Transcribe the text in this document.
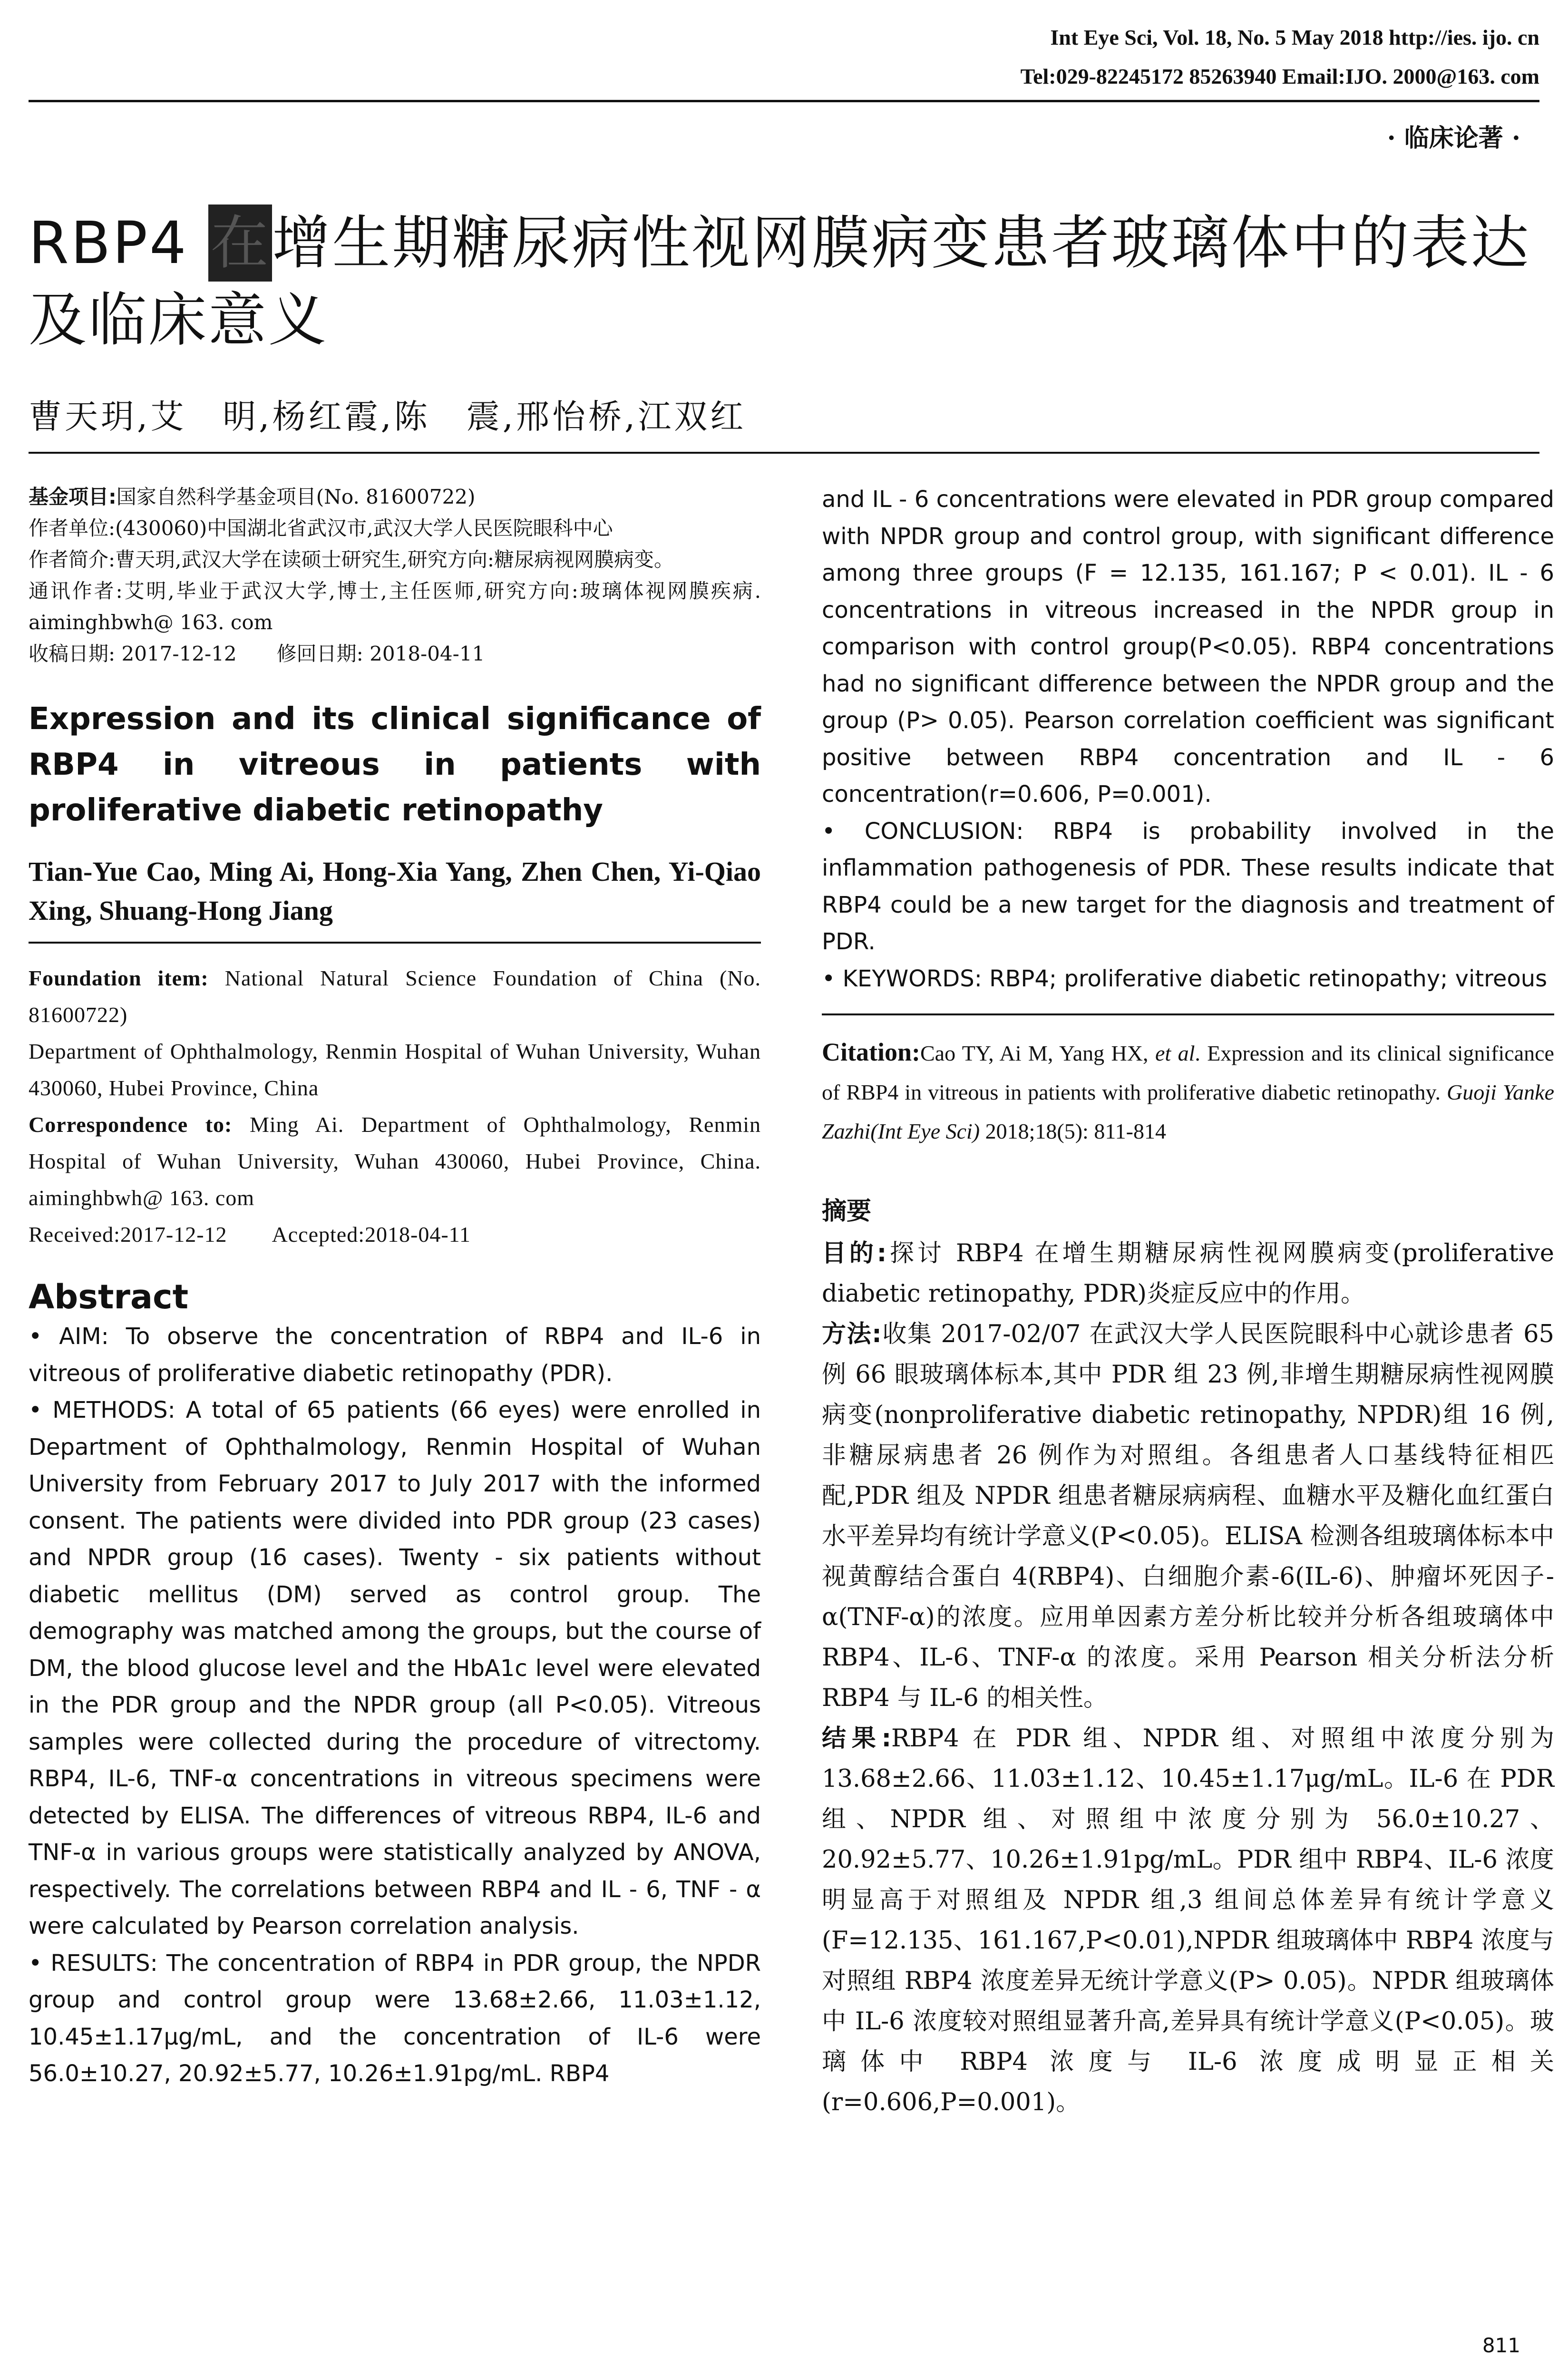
Int Eye Sci, Vol. 18, No. 5 May 2018 http://ies. ijo. cn
Tel:029-82245172 85263940 Email:IJO. 2000@163. com
· 临床论著 ·
RBP4 在增生期糖尿病性视网膜病变患者玻璃体中的表达及临床意义
曹天玥,艾　明,杨红霞,陈　震,邢怡桥,江双红
基金项目:国家自然科学基金项目(No. 81600722)
作者单位:(430060)中国湖北省武汉市,武汉大学人民医院眼科中心
作者简介:曹天玥,武汉大学在读硕士研究生,研究方向:糖尿病视网膜病变。
通讯作者:艾明,毕业于武汉大学,博士,主任医师,研究方向:玻璃体视网膜疾病. aiminghbwh@ 163. com
收稿日期: 2017-12-12　　修回日期: 2018-04-11
Expression and its clinical significance of RBP4 in vitreous in patients with proliferative diabetic retinopathy
Tian-Yue Cao, Ming Ai, Hong-Xia Yang, Zhen Chen, Yi-Qiao Xing, Shuang-Hong Jiang
Foundation item: National Natural Science Foundation of China (No. 81600722)
Department of Ophthalmology, Renmin Hospital of Wuhan University, Wuhan 430060, Hubei Province, China
Correspondence to: Ming Ai. Department of Ophthalmology, Renmin Hospital of Wuhan University, Wuhan 430060, Hubei Province, China. aiminghbwh@ 163. com
Received:2017-12-12　　Accepted:2018-04-11
Abstract
• AIM: To observe the concentration of RBP4 and IL-6 in vitreous of proliferative diabetic retinopathy (PDR).
• METHODS: A total of 65 patients (66 eyes) were enrolled in Department of Ophthalmology, Renmin Hospital of Wuhan University from February 2017 to July 2017 with the informed consent. The patients were divided into PDR group (23 cases) and NPDR group (16 cases). Twenty - six patients without diabetic mellitus (DM) served as control group. The demography was matched among the groups, but the course of DM, the blood glucose level and the HbA1c level were elevated in the PDR group and the NPDR group (all P<0.05). Vitreous samples were collected during the procedure of vitrectomy. RBP4, IL-6, TNF-α concentrations in vitreous specimens were detected by ELISA. The differences of vitreous RBP4, IL-6 and TNF-α in various groups were statistically analyzed by ANOVA, respectively. The correlations between RBP4 and IL - 6, TNF - α were calculated by Pearson correlation analysis.
• RESULTS: The concentration of RBP4 in PDR group, the NPDR group and control group were 13.68±2.66, 11.03±1.12, 10.45±1.17μg/mL, and the concentration of IL-6 were 56.0±10.27, 20.92±5.77, 10.26±1.91pg/mL. RBP4
and IL - 6 concentrations were elevated in PDR group compared with NPDR group and control group, with significant difference among three groups (F = 12.135, 161.167; P < 0.01). IL - 6 concentrations in vitreous increased in the NPDR group in comparison with control group(P<0.05). RBP4 concentrations had no significant difference between the NPDR group and the group (P> 0.05). Pearson correlation coefficient was significant positive between RBP4 concentration and IL - 6 concentration(r=0.606, P=0.001).
• CONCLUSION: RBP4 is probability involved in the inflammation pathogenesis of PDR. These results indicate that RBP4 could be a new target for the diagnosis and treatment of PDR.
• KEYWORDS: RBP4; proliferative diabetic retinopathy; vitreous
Citation:Cao TY, Ai M, Yang HX, et al. Expression and its clinical significance of RBP4 in vitreous in patients with proliferative diabetic retinopathy. Guoji Yanke Zazhi(Int Eye Sci) 2018;18(5): 811-814
摘要
目的:探讨 RBP4 在增生期糖尿病性视网膜病变(proliferative diabetic retinopathy, PDR)炎症反应中的作用。
方法:收集 2017-02/07 在武汉大学人民医院眼科中心就诊患者 65 例 66 眼玻璃体标本,其中 PDR 组 23 例,非增生期糖尿病性视网膜病变(nonproliferative diabetic retinopathy, NPDR)组 16 例,非糖尿病患者 26 例作为对照组。各组患者人口基线特征相匹配,PDR 组及 NPDR 组患者糖尿病病程、血糖水平及糖化血红蛋白水平差异均有统计学意义(P<0.05)。ELISA 检测各组玻璃体标本中视黄醇结合蛋白 4(RBP4)、白细胞介素-6(IL-6)、肿瘤坏死因子-α(TNF-α)的浓度。应用单因素方差分析比较并分析各组玻璃体中 RBP4、IL-6、TNF-α 的浓度。采用 Pearson 相关分析法分析 RBP4 与 IL-6 的相关性。
结果:RBP4 在 PDR 组、NPDR 组、对照组中浓度分别为 13.68±2.66、11.03±1.12、10.45±1.17μg/mL。IL-6 在 PDR 组、NPDR 组、对照组中浓度分别为 56.0±10.27、20.92±5.77、10.26±1.91pg/mL。PDR 组中 RBP4、IL-6 浓度明显高于对照组及 NPDR 组,3 组间总体差异有统计学意义(F=12.135、161.167,P<0.01),NPDR 组玻璃体中 RBP4 浓度与对照组 RBP4 浓度差异无统计学意义(P> 0.05)。NPDR 组玻璃体中 IL-6 浓度较对照组显著升高,差异具有统计学意义(P<0.05)。玻璃体中 RBP4 浓度与 IL-6 浓度成明显正相关(r=0.606,P=0.001)。
811
